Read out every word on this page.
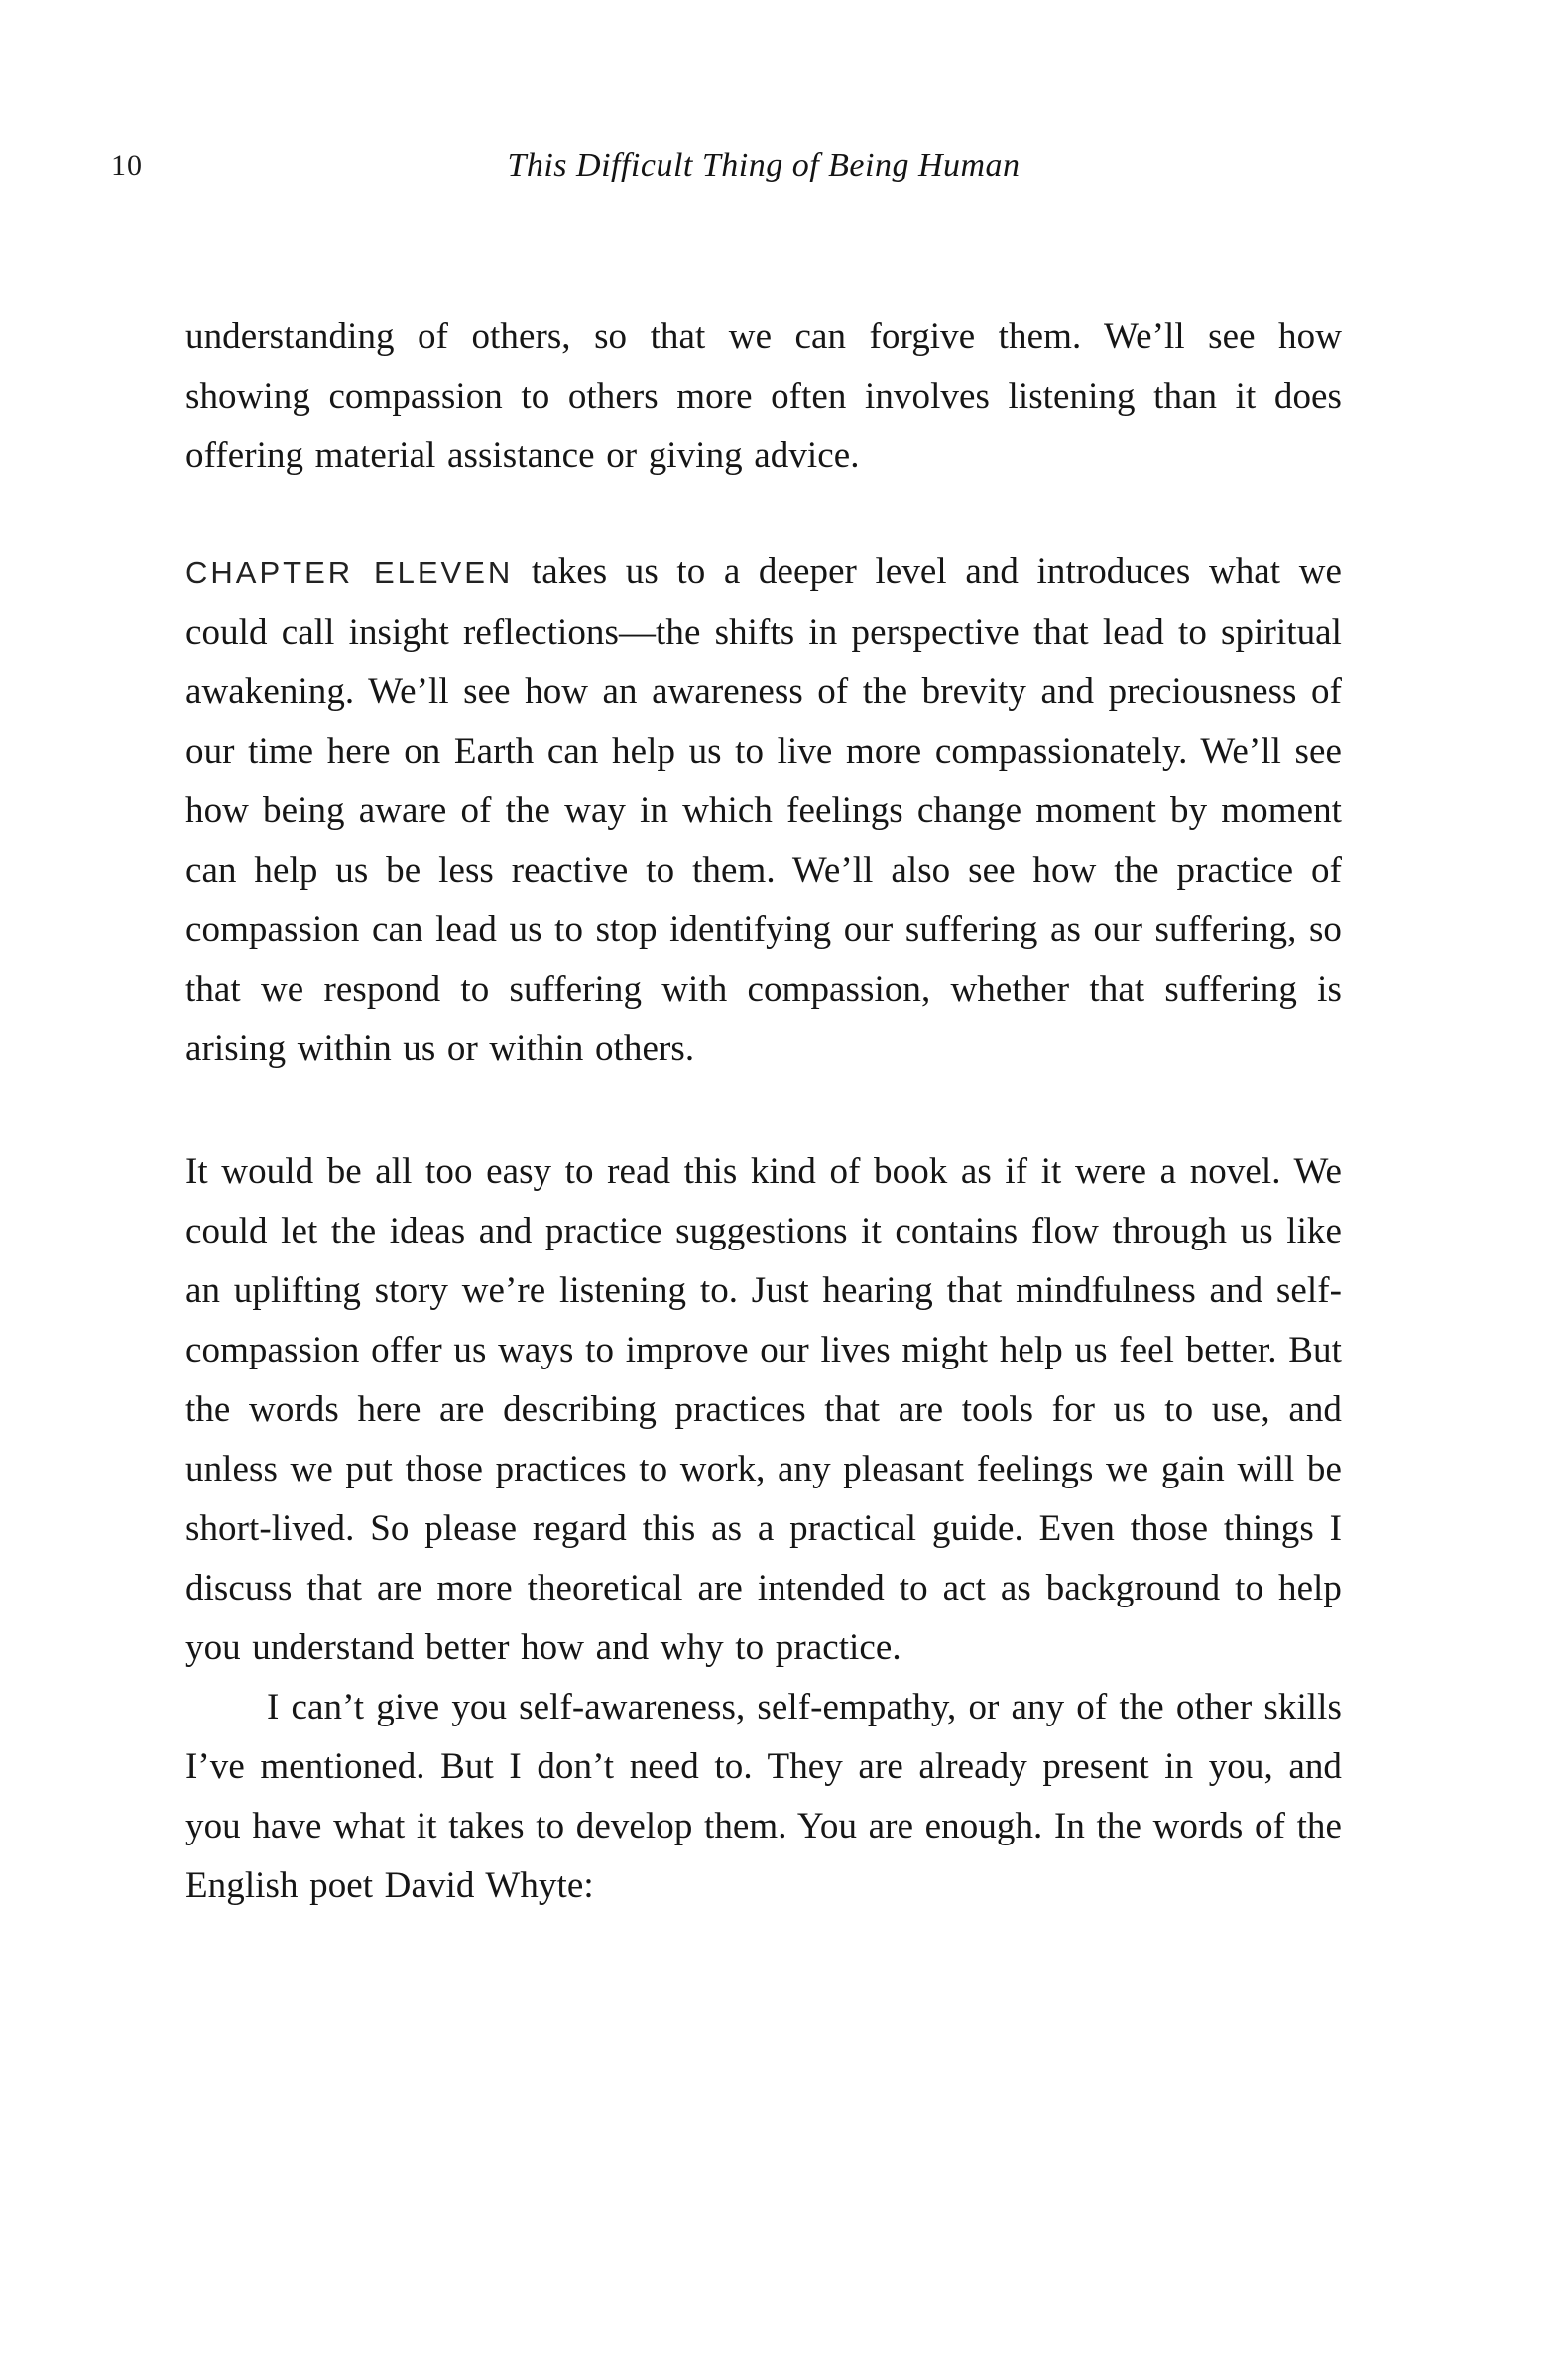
10	This Difficult Thing of Being Human

understanding of others, so that we can forgive them. We’ll see how showing compassion to others more often involves listening than it does offering material assistance or giving advice.

CHAPTER ELEVEN takes us to a deeper level and introduces what we could call insight reflections—the shifts in perspective that lead to spiritual awakening. We’ll see how an awareness of the brevity and preciousness of our time here on Earth can help us to live more compassionately. We’ll see how being aware of the way in which feelings change moment by moment can help us be less reactive to them. We’ll also see how the practice of compassion can lead us to stop identifying our suffering as our suffering, so that we respond to suffering with compassion, whether that suffering is arising within us or within others.

It would be all too easy to read this kind of book as if it were a novel. We could let the ideas and practice suggestions it contains flow through us like an uplifting story we’re listening to. Just hearing that mindfulness and self-compassion offer us ways to improve our lives might help us feel better. But the words here are describing practices that are tools for us to use, and unless we put those practices to work, any pleasant feelings we gain will be short-lived. So please regard this as a practical guide. Even those things I discuss that are more theoretical are intended to act as background to help you understand better how and why to practice.

I can’t give you self-awareness, self-empathy, or any of the other skills I’ve mentioned. But I don’t need to. They are already present in you, and you have what it takes to develop them. You are enough. In the words of the English poet David Whyte:
